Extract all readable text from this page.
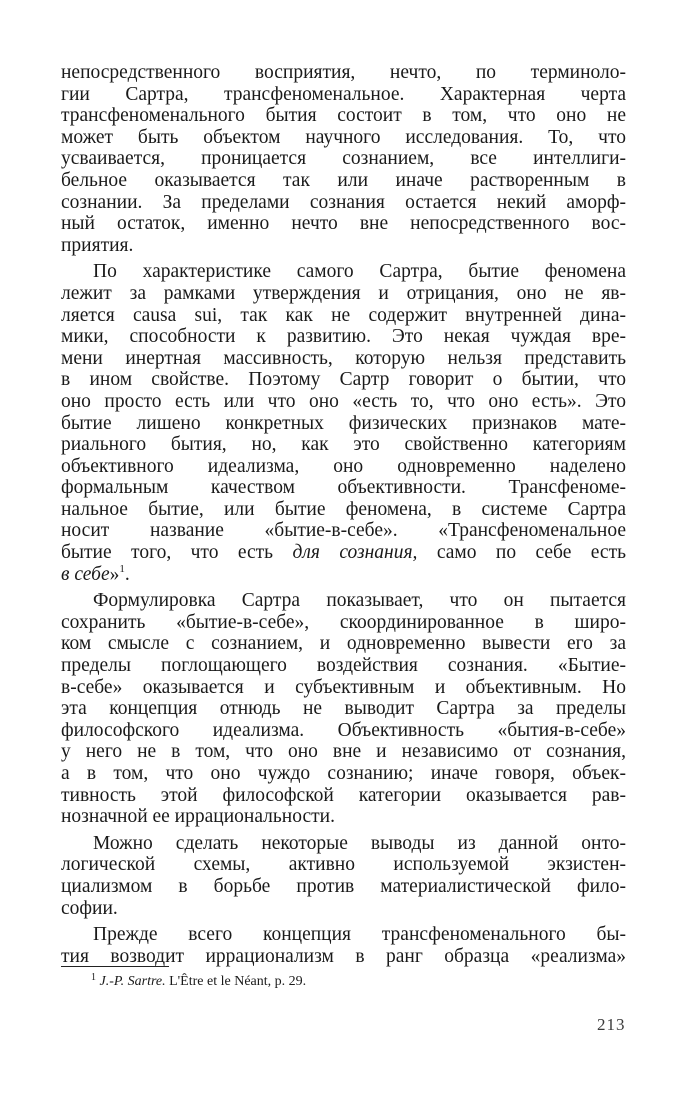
непосредственного восприятия, нечто, по терминоло-
гии Сартра, трансфеноменальное. Характерная черта
трансфеноменального бытия состоит в том, что оно не
может быть объектом научного исследования. То, что
усваивается, проницается сознанием, все интеллиги-
бельное оказывается так или иначе растворенным в
сознании. За пределами сознания остается некий аморф-
ный остаток, именно нечто вне непосредственного вос-
приятия.
По характеристике самого Сартра, бытие феномена
лежит за рамками утверждения и отрицания, оно не яв-
ляется causa sui, так как не содержит внутренней дина-
мики, способности к развитию. Это некая чуждая вре-
мени инертная массивность, которую нельзя представить
в ином свойстве. Поэтому Сартр говорит о бытии, что
оно просто есть или что оно «есть то, что оно есть». Это
бытие лишено конкретных физических признаков мате-
риального бытия, но, как это свойственно категориям
объективного идеализма, оно одновременно наделено
формальным качеством объективности. Трансфеноме-
нальное бытие, или бытие феномена, в системе Сартра
носит название «бытие-в-себе». «Трансфеноменальное
бытие того, что есть для сознания, само по себе есть
в себе»$^1$.
Формулировка Сартра показывает, что он пытается
сохранить «бытие-в-себе», скоординированное в широ-
ком смысле с сознанием, и одновременно вывести его за
пределы поглощающего воздействия сознания. «Бытие-
в-себе» оказывается и субъективным и объективным. Но
эта концепция отнюдь не выводит Сартра за пределы
философского идеализма. Объективность «бытия-в-себе»
у него не в том, что оно вне и независимо от сознания,
а в том, что оно чуждо сознанию; иначе говоря, объек-
тивность этой философской категории оказывается рав-
нозначной ее иррациональности.
Можно сделать некоторые выводы из данной онто-
логической схемы, активно используемой экзистен-
циализмом в борьбе против материалистической фило-
софии.
Прежде всего концепция трансфеноменального бы-
тия возводит иррационализм в ранг образца «реализма»
$^1$ J.-P. Sartre. L'Être et le Néant, p. 29.
213
